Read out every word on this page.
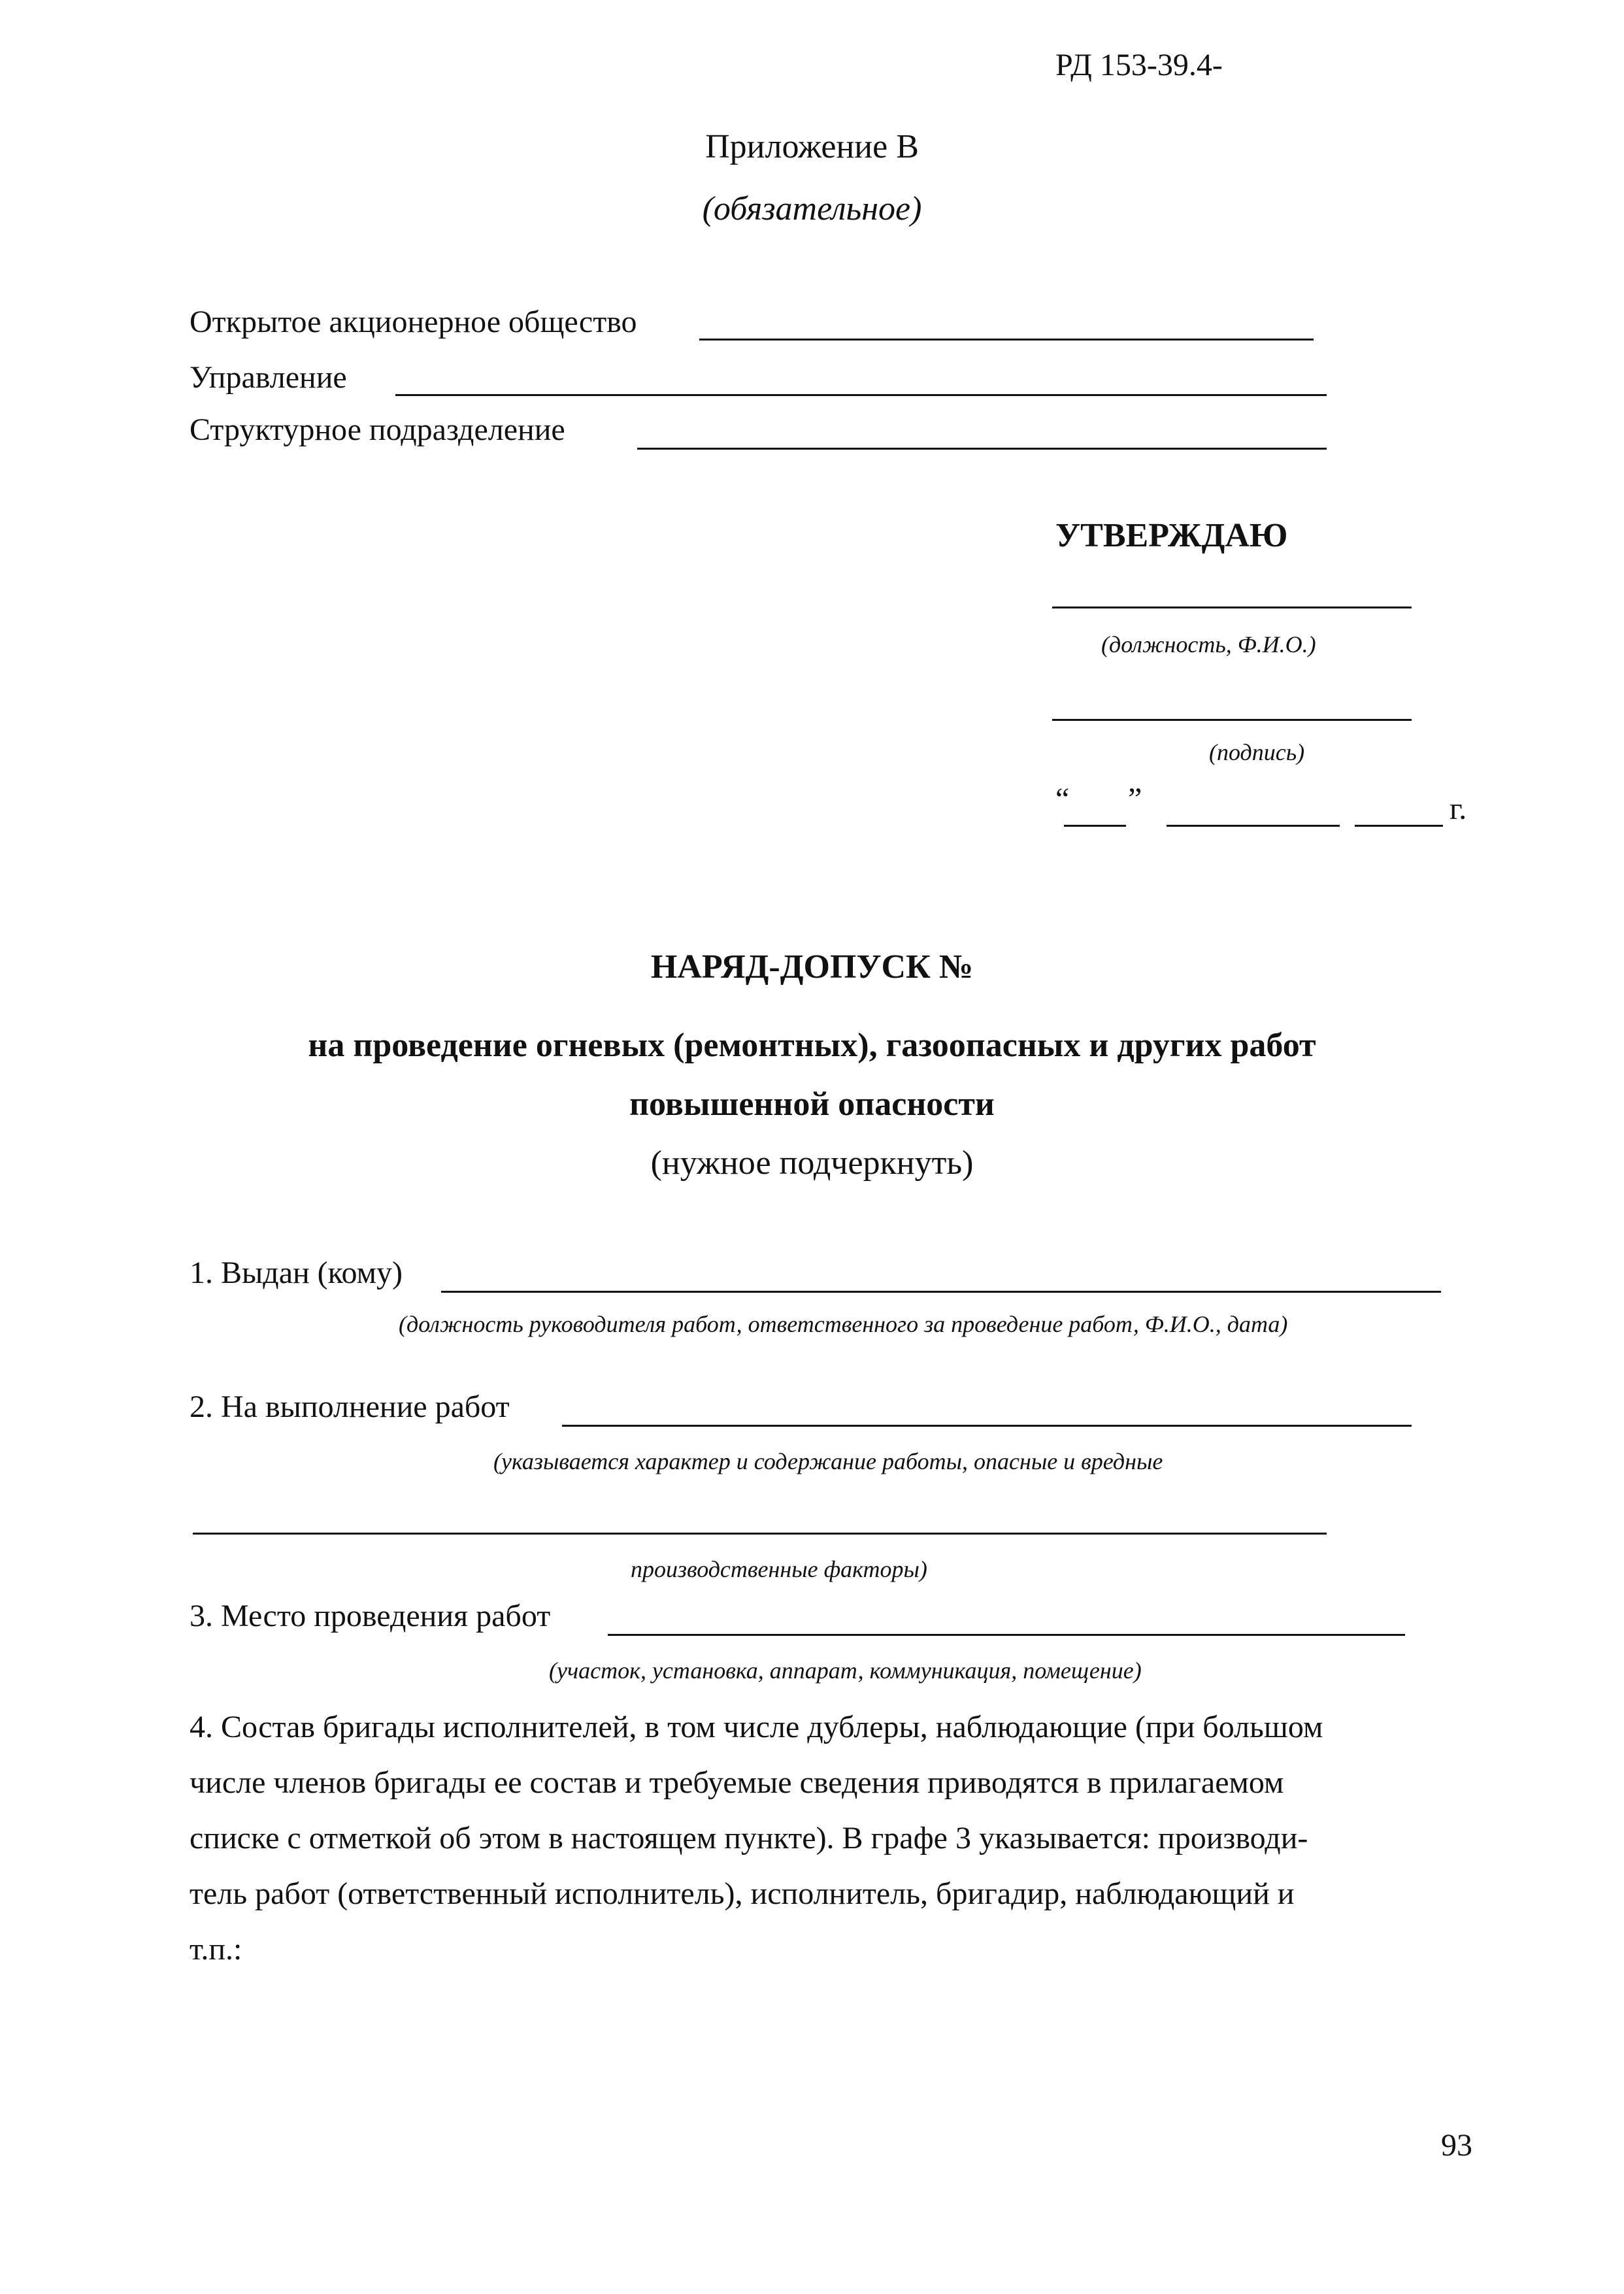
РД 153-39.4-
Приложение В
(обязательное)
Открытое акционерное общество
Управление
Структурное подразделение
УТВЕРЖДАЮ
(должность, Ф.И.О.)
(подпись)
“ ”	г.
НАРЯД-ДОПУСК №
на проведение огневых (ремонтных), газоопасных и других работ
повышенной опасности
(нужное подчеркнуть)
1. Выдан (кому)
(должность руководителя работ, ответственного за проведение работ, Ф.И.О., дата)
2. На выполнение работ
(указывается характер и содержание работы, опасные и вредные
производственные факторы)
3. Место проведения работ
(участок, установка, аппарат, коммуникация, помещение)
4. Состав бригады исполнителей, в том числе дублеры, наблюдающие (при большом
числе членов бригады ее состав и требуемые сведения приводятся в прилагаемом
списке с отметкой об этом в настоящем пункте). В графе 3 указывается: производи-
тель работ (ответственный исполнитель), исполнитель, бригадир, наблюдающий и
т.п.:
93
